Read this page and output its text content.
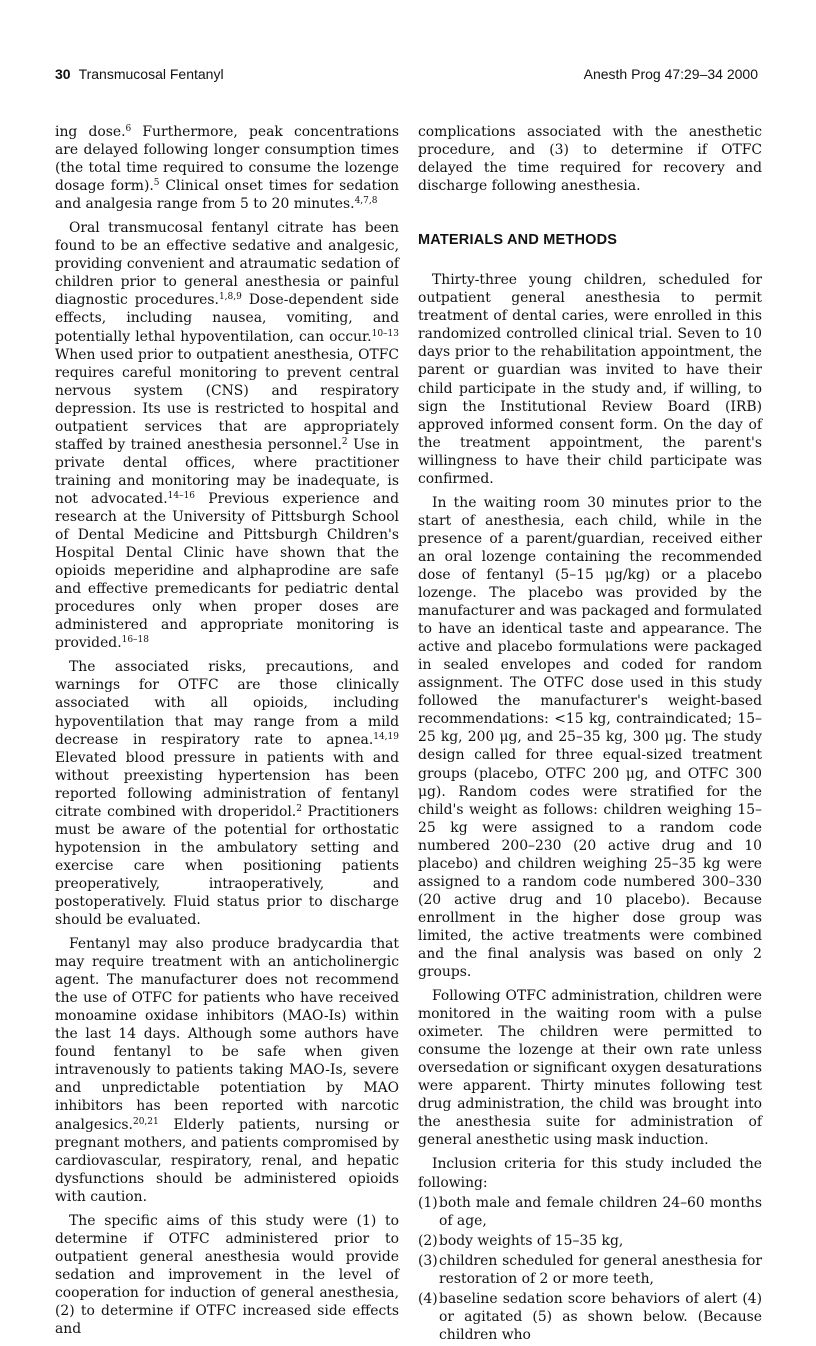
30 Transmucosal Fentanyl	Anesth Prog 47:29–34 2000

ing dose.$^6$ Furthermore, peak concentrations are delayed following longer consumption times (the total time required to consume the lozenge dosage form).$^5$ Clinical onset times for sedation and analgesia range from 5 to 20 minutes.$^{4,7,8}$

Oral transmucosal fentanyl citrate has been found to be an effective sedative and analgesic, providing convenient and atraumatic sedation of children prior to general anesthesia or painful diagnostic procedures.$^{1,8,9}$ Dose-dependent side effects, including nausea, vomiting, and potentially lethal hypoventilation, can occur.$^{10-13}$ When used prior to outpatient anesthesia, OTFC requires careful monitoring to prevent central nervous system (CNS) and respiratory depression. Its use is restricted to hospital and outpatient services that are appropriately staffed by trained anesthesia personnel.$^2$ Use in private dental offices, where practitioner training and monitoring may be inadequate, is not advocated.$^{14-16}$ Previous experience and research at the University of Pittsburgh School of Dental Medicine and Pittsburgh Children's Hospital Dental Clinic have shown that the opioids meperidine and alphaprodine are safe and effective premedicants for pediatric dental procedures only when proper doses are administered and appropriate monitoring is provided.$^{16-18}$

The associated risks, precautions, and warnings for OTFC are those clinically associated with all opioids, including hypoventilation that may range from a mild decrease in respiratory rate to apnea.$^{14,19}$ Elevated blood pressure in patients with and without preexisting hypertension has been reported following administration of fentanyl citrate combined with droperidol.$^2$ Practitioners must be aware of the potential for orthostatic hypotension in the ambulatory setting and exercise care when positioning patients preoperatively, intraoperatively, and postoperatively. Fluid status prior to discharge should be evaluated.

Fentanyl may also produce bradycardia that may require treatment with an anticholinergic agent. The manufacturer does not recommend the use of OTFC for patients who have received monoamine oxidase inhibitors (MAO-Is) within the last 14 days. Although some authors have found fentanyl to be safe when given intravenously to patients taking MAO-Is, severe and unpredictable potentiation by MAO inhibitors has been reported with narcotic analgesics.$^{20,21}$ Elderly patients, nursing or pregnant mothers, and patients compromised by cardiovascular, respiratory, renal, and hepatic dysfunctions should be administered opioids with caution.

The specific aims of this study were (1) to determine if OTFC administered prior to outpatient general anesthesia would provide sedation and improvement in the level of cooperation for induction of general anesthesia, (2) to determine if OTFC increased side effects and

complications associated with the anesthetic procedure, and (3) to determine if OTFC delayed the time required for recovery and discharge following anesthesia.

MATERIALS AND METHODS

Thirty-three young children, scheduled for outpatient general anesthesia to permit treatment of dental caries, were enrolled in this randomized controlled clinical trial. Seven to 10 days prior to the rehabilitation appointment, the parent or guardian was invited to have their child participate in the study and, if willing, to sign the Institutional Review Board (IRB) approved informed consent form. On the day of the treatment appointment, the parent's willingness to have their child participate was confirmed.

In the waiting room 30 minutes prior to the start of anesthesia, each child, while in the presence of a parent/guardian, received either an oral lozenge containing the recommended dose of fentanyl (5–15 μg/kg) or a placebo lozenge. The placebo was provided by the manufacturer and was packaged and formulated to have an identical taste and appearance. The active and placebo formulations were packaged in sealed envelopes and coded for random assignment. The OTFC dose used in this study followed the manufacturer's weight-based recommendations: <15 kg, contraindicated; 15–25 kg, 200 μg, and 25–35 kg, 300 μg. The study design called for three equal-sized treatment groups (placebo, OTFC 200 μg, and OTFC 300 μg). Random codes were stratified for the child's weight as follows: children weighing 15–25 kg were assigned to a random code numbered 200–230 (20 active drug and 10 placebo) and children weighing 25–35 kg were assigned to a random code numbered 300–330 (20 active drug and 10 placebo). Because enrollment in the higher dose group was limited, the active treatments were combined and the final analysis was based on only 2 groups.

Following OTFC administration, children were monitored in the waiting room with a pulse oximeter. The children were permitted to consume the lozenge at their own rate unless oversedation or significant oxygen desaturations were apparent. Thirty minutes following test drug administration, the child was brought into the anesthesia suite for administration of general anesthetic using mask induction.

Inclusion criteria for this study included the following:

(1) both male and female children 24–60 months of age,
(2) body weights of 15–35 kg,
(3) children scheduled for general anesthesia for restoration of 2 or more teeth,
(4) baseline sedation score behaviors of alert (4) or agitated (5) as shown below. (Because children who
